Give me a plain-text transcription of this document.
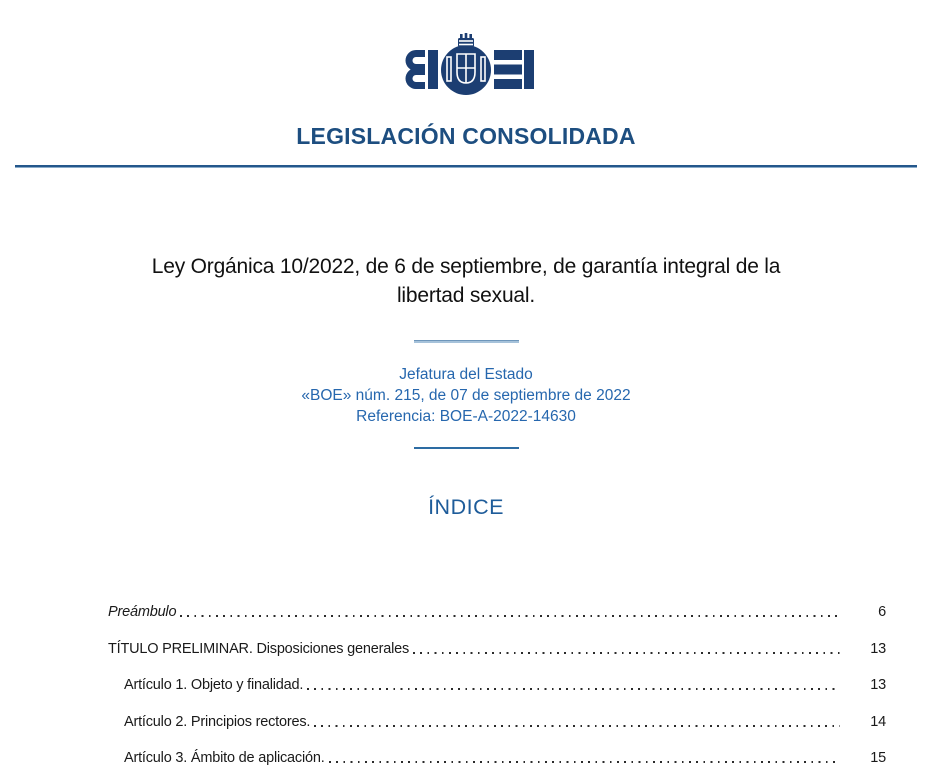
LEGISLACIÓN CONSOLIDADA
Ley Orgánica 10/2022, de 6 de septiembre, de garantía integral de la libertad sexual.

Jefatura del Estado

«BOE» núm. 215, de 07 de septiembre de 2022

Referencia: BOE-A-2022-14630

ÍNDICE
Preámbulo	6
TÍTULO PRELIMINAR. Disposiciones generales	13
Artículo 1. Objeto y finalidad.	13
Artículo 2. Principios rectores.	14
Artículo 3. Ámbito de aplicación.	15
